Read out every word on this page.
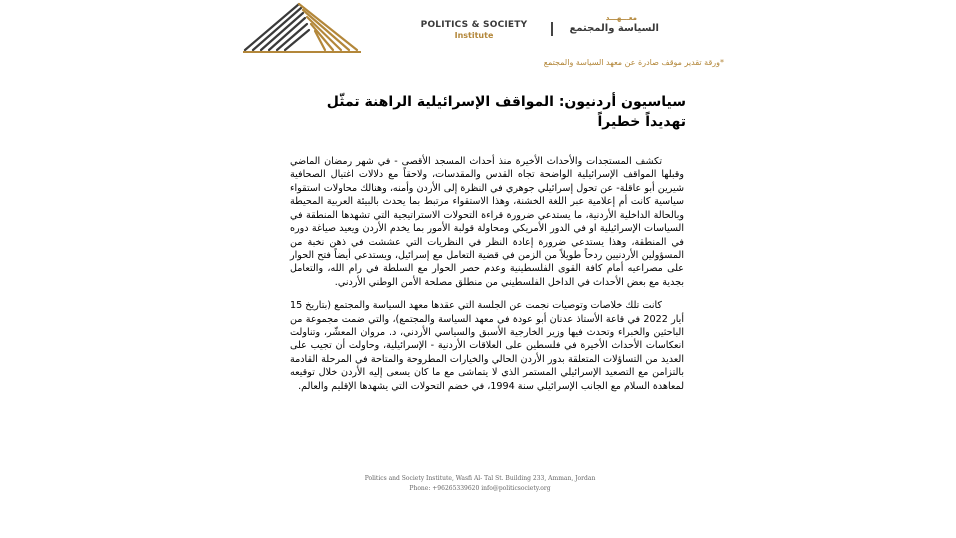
POLITICS & SOCIETY
Institute
معـــهـــد
السياسة والمجتمع
*ورقة تقدير موقف صادرة عن معهد السياسة والمجتمع
سياسيون أردنيون: المواقف الإسرائيلية الراهنة تمثّل تهديداً خطيراً

تكشف المستجدات والأحداث الأخيرة منذ أحداث المسجد الأقصى - في شهر رمضان الماضي وقبلها المواقف الإسرائيلية الواضحة تجاه القدس والمقدسات، ولاحقاً مع دلالات اغتيال الصحافية شيرين أبو عاقلة- عن تحول إسرائيلي جوهري في النظرة إلى الأردن وأمنه، وهنالك محاولات استقواء سياسية كانت أم إعلامية عبر اللغة الخشنة، وهذا الاستقواء مرتبط بما يحدث بالبيئة العربية المحيطة وبالحالة الداخلية الأردنية، ما يستدعي ضرورة قراءة التحولات الاستراتيجية التي تشهدها المنطقة في السياسات الإسرائيلية او في الدور الأمريكي ومحاولة قولبة الأمور بما يخدم الأردن ويعيد صياغة دوره في المنطقة، وهذا يستدعي ضرورة إعادة النظر في النظريات التي عششت في ذهن نخبة من المسؤولين الأردنيين ردحاً طويلاً من الزمن في قضية التعامل مع إسرائيل، ويستدعي أيضاً فتح الحوار على مصراعيه أمام كافة القوى الفلسطينية وعدم حصر الحوار مع السلطة في رام الله، والتعامل بجدية مع بعض الأحداث في الداخل الفلسطيني من منطلق مصلحة الأمن الوطني الأردني.

كانت تلك خلاصات وتوصيات نجمت عن الجلسة التي عقدها معهد السياسة والمجتمع (بتاريخ 15 أيار 2022 في قاعة الأستاذ عدنان أبو عودة في معهد السياسة والمجتمع)، والتي ضمت مجموعة من الباحثين والخبراء وتحدث فيها وزير الخارجية الأسبق والسياسي الأردني، د. مروان المعشّر، وتناولت انعكاسات الأحداث الأخيرة في فلسطين على العلاقات الأردنية - الإسرائيلية، وحاولت أن تجيب على العديد من التساؤلات المتعلقة بدور الأردن الحالي والخيارات المطروحة والمتاحة في المرحلة القادمة بالتزامن مع التصعيد الإسرائيلي المستمر الذي لا يتماشى مع ما كان يسعى إليه الأردن خلال توقيعه لمعاهدة السلام مع الجانب الإسرائيلي سنة 1994، في خضم التحولات التي يشهدها الإقليم والعالم.

Politics and Society Institute, Wasfi Al- Tal St. Building 233, Amman, Jordan
Phone: +96265339620 info@politicsociety.org
